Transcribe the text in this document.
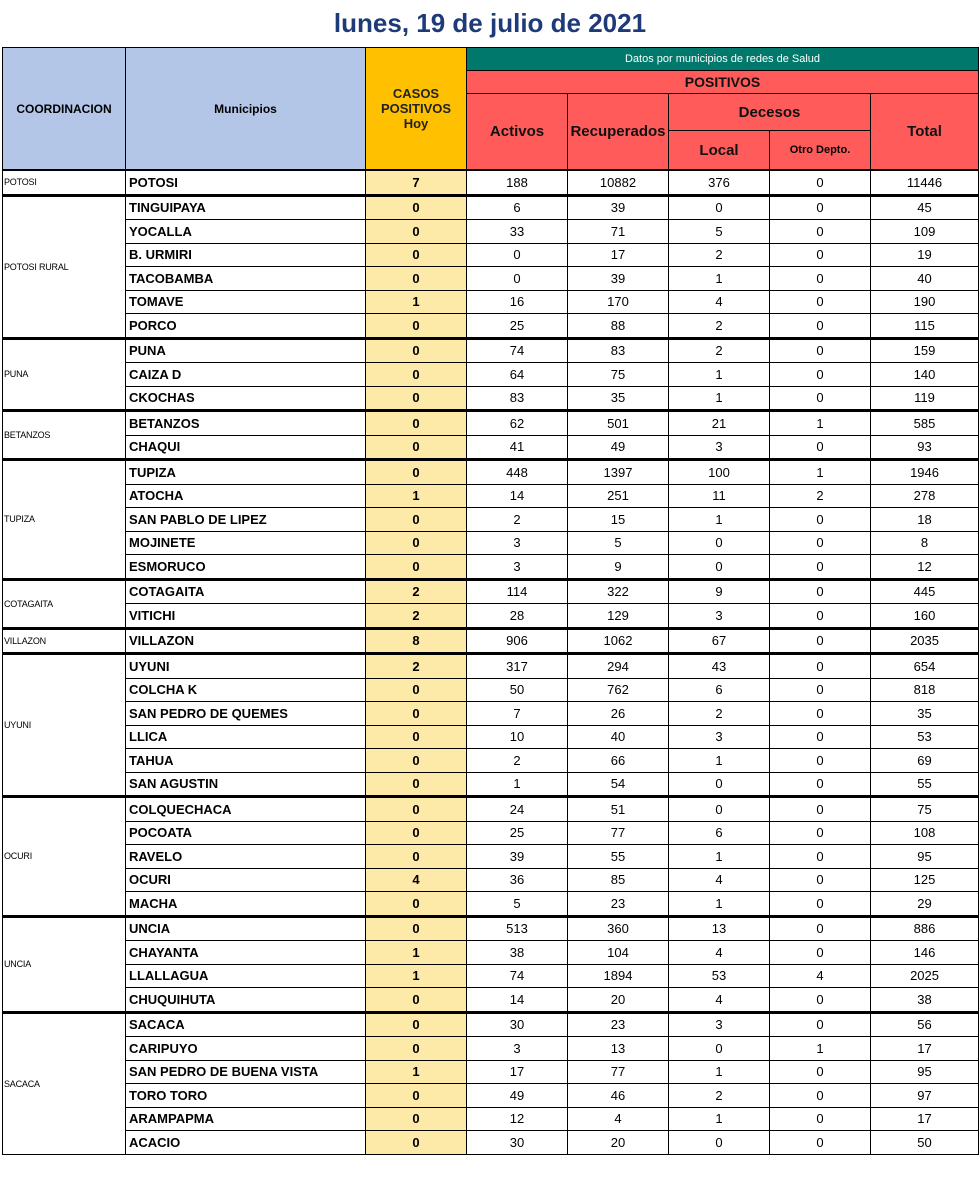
lunes, 19 de julio de 2021
COORDINACION	Municipios	CASOS POSITIVOS Hoy	Datos por municipios de redes de Salud				
			POSITIVOS				
			Activos	Recuperados	Decesos		Total
					Local	Otro Depto.	
POTOSI	POTOSI	7	188	10882	376	0	11446
POTOSI RURAL	TINGUIPAYA	0	6	39	0	0	45
	YOCALLA	0	33	71	5	0	109
	B. URMIRI	0	0	17	2	0	19
	TACOBAMBA	0	0	39	1	0	40
	TOMAVE	1	16	170	4	0	190
	PORCO	0	25	88	2	0	115
PUNA	PUNA	0	74	83	2	0	159
	CAIZA D	0	64	75	1	0	140
	CKOCHAS	0	83	35	1	0	119
BETANZOS	BETANZOS	0	62	501	21	1	585
	CHAQUI	0	41	49	3	0	93
TUPIZA	TUPIZA	0	448	1397	100	1	1946
	ATOCHA	1	14	251	11	2	278
	SAN PABLO DE LIPEZ	0	2	15	1	0	18
	MOJINETE	0	3	5	0	0	8
	ESMORUCO	0	3	9	0	0	12
COTAGAITA	COTAGAITA	2	114	322	9	0	445
	VITICHI	2	28	129	3	0	160
VILLAZON	VILLAZON	8	906	1062	67	0	2035
UYUNI	UYUNI	2	317	294	43	0	654
	COLCHA K	0	50	762	6	0	818
	SAN PEDRO DE QUEMES	0	7	26	2	0	35
	LLICA	0	10	40	3	0	53
	TAHUA	0	2	66	1	0	69
	SAN AGUSTIN	0	1	54	0	0	55
OCURI	COLQUECHACA	0	24	51	0	0	75
	POCOATA	0	25	77	6	0	108
	RAVELO	0	39	55	1	0	95
	OCURI	4	36	85	4	0	125
	MACHA	0	5	23	1	0	29
UNCIA	UNCIA	0	513	360	13	0	886
	CHAYANTA	1	38	104	4	0	146
	LLALLAGUA	1	74	1894	53	4	2025
	CHUQUIHUTA	0	14	20	4	0	38
SACACA	SACACA	0	30	23	3	0	56
	CARIPUYO	0	3	13	0	1	17
	SAN PEDRO DE BUENA VISTA	1	17	77	1	0	95
	TORO TORO	0	49	46	2	0	97
	ARAMPAPMA	0	12	4	1	0	17
	ACACIO	0	30	20	0	0	50
